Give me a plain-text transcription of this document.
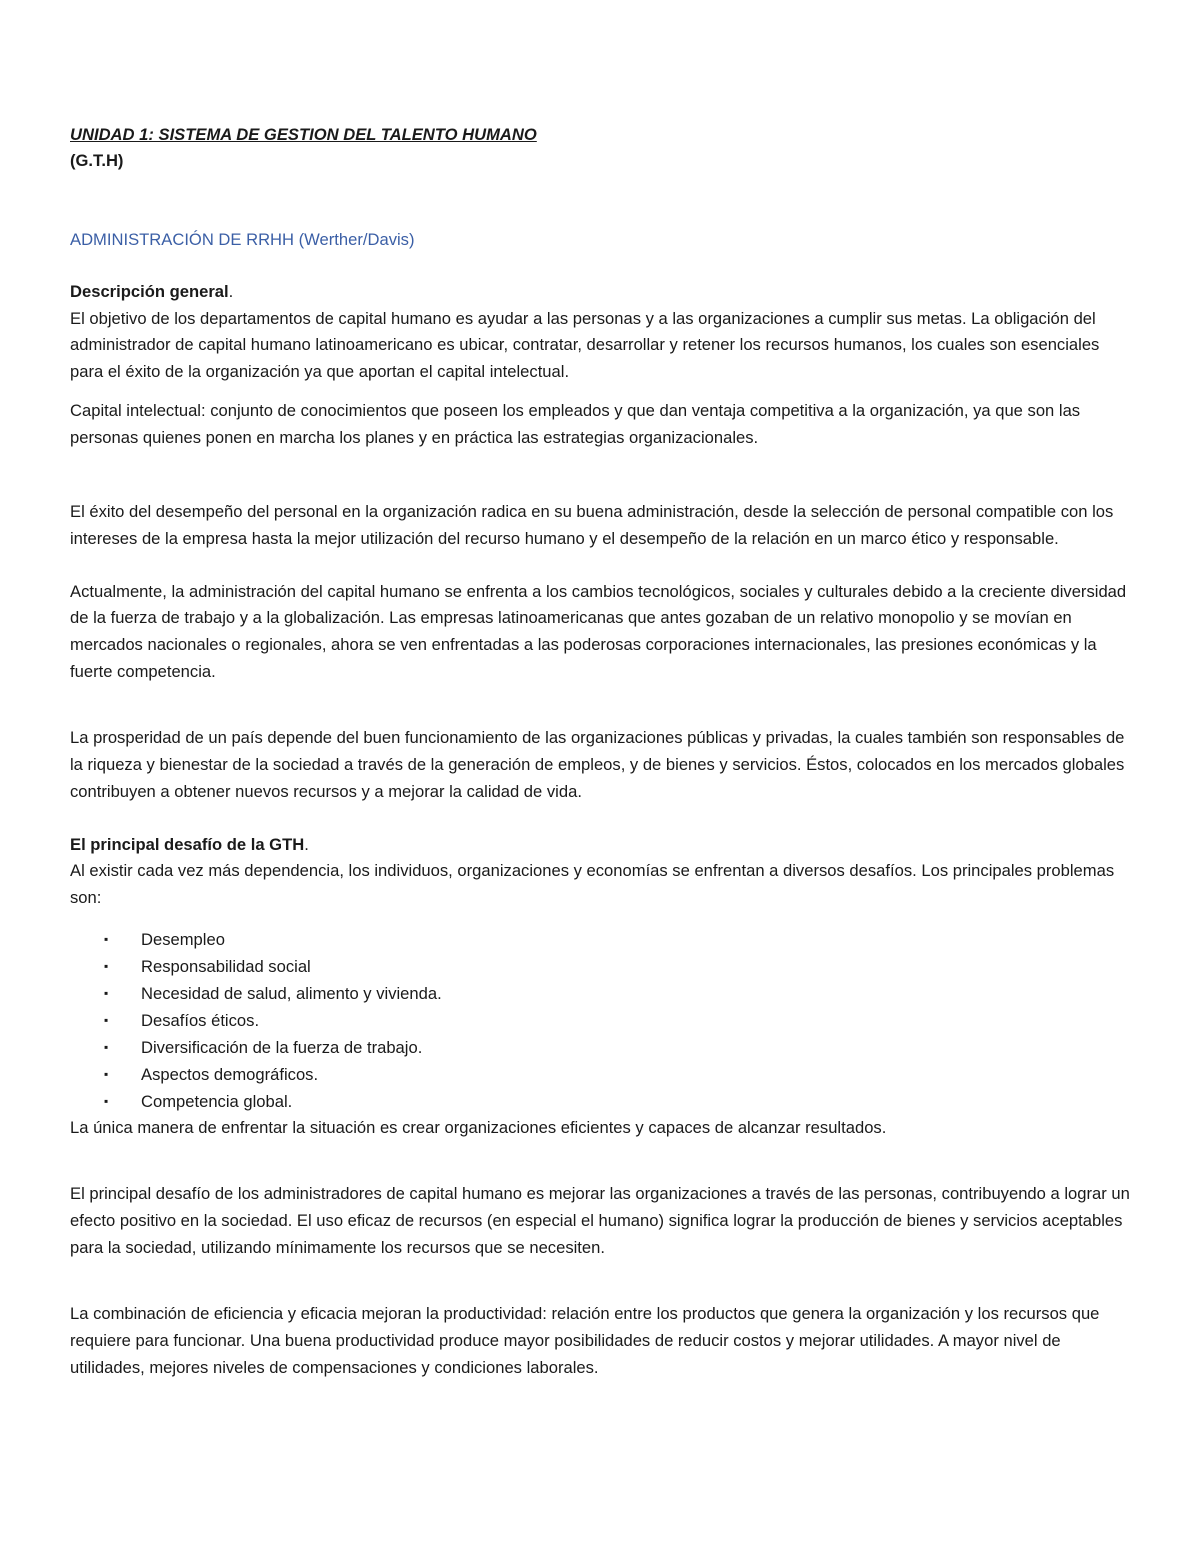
UNIDAD 1: SISTEMA DE GESTION DEL TALENTO HUMANO

(G.T.H)

ADMINISTRACIÓN DE RRHH (Werther/Davis)

Descripción general.

El objetivo de los departamentos de capital humano es ayudar a las personas y a las organizaciones a cumplir sus metas. La obligación del administrador de capital humano latinoamericano es ubicar, contratar, desarrollar y retener los recursos humanos, los cuales son esenciales para el éxito de la organización ya que aportan el capital intelectual.

Capital intelectual: conjunto de conocimientos que poseen los empleados y que dan ventaja competitiva a la organización, ya que son las personas quienes ponen en marcha los planes y en práctica las estrategias organizacionales.

El éxito del desempeño del personal en la organización radica en su buena administración, desde la selección de personal compatible con los intereses de la empresa hasta la mejor utilización del recurso humano y el desempeño de la relación en un marco ético y responsable.

Actualmente, la administración del capital humano se enfrenta a los cambios tecnológicos, sociales y culturales debido a la creciente diversidad de la fuerza de trabajo y a la globalización. Las empresas latinoamericanas que antes gozaban de un relativo monopolio y se movían en mercados nacionales o regionales, ahora se ven enfrentadas a las poderosas corporaciones internacionales, las presiones económicas y la fuerte competencia.

La prosperidad de un país depende del buen funcionamiento de las organizaciones públicas y privadas, la cuales también son responsables de la riqueza y bienestar de la sociedad a través de la generación de empleos, y de bienes y servicios. Éstos, colocados en los mercados globales contribuyen a obtener nuevos recursos y a mejorar la calidad de vida.

El principal desafío de la GTH.

Al existir cada vez más dependencia, los individuos, organizaciones y economías se enfrentan a diversos desafíos. Los principales problemas son:

▪ Desempleo
▪ Responsabilidad social
▪ Necesidad de salud, alimento y vivienda.
▪ Desafíos éticos.
▪ Diversificación de la fuerza de trabajo.
▪ Aspectos demográficos.
▪ Competencia global.

La única manera de enfrentar la situación es crear organizaciones eficientes y capaces de alcanzar resultados.

El principal desafío de los administradores de capital humano es mejorar las organizaciones a través de las personas, contribuyendo a lograr un efecto positivo en la sociedad. El uso eficaz de recursos (en especial el humano) significa lograr la producción de bienes y servicios aceptables para la sociedad, utilizando mínimamente los recursos que se necesiten.

La combinación de eficiencia y eficacia mejoran la productividad: relación entre los productos que genera la organización y los recursos que requiere para funcionar. Una buena productividad produce mayor posibilidades de reducir costos y mejorar utilidades. A mayor nivel de utilidades, mejores niveles de compensaciones y condiciones laborales.
